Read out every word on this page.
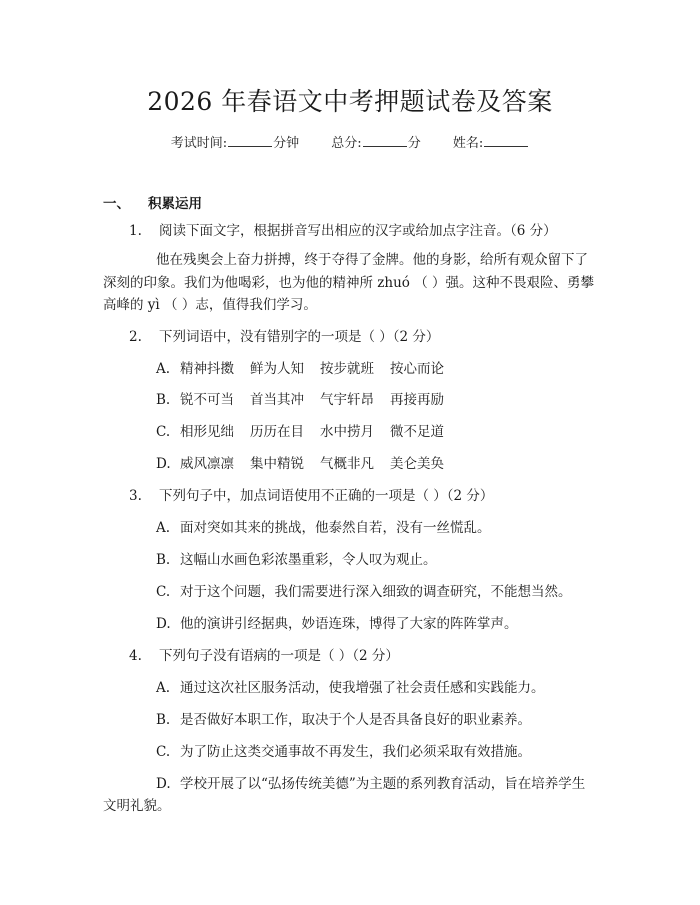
2026 年春语文中考押题试卷及答案
考试时间:	分钟 总分:	分 姓名:
一、 积累运用
1. 阅读下面文字，根据拼音写出相应的汉字或给加点字注音。（6 分）
他在残奥会上奋力拼搏，终于夺得了金牌。他的身影，给所有观众留下了深刻的印象。我们为他喝彩，也为他的精神所 zhuó （ ）强。这种不畏艰险、勇攀高峰的 yì （ ）志，值得我们学习。
2. 下列词语中，没有错别字的一项是（ ）（2 分）
A. 精神抖擞 鲜为人知 按步就班 按心而论
B. 锐不可当 首当其冲 气宇轩昂 再接再励
C. 相形见绌 历历在目 水中捞月 微不足道
D. 威风凛凛 集中精锐 气概非凡 美仑美奂
3. 下列句子中，加点词语使用不正确的一项是（ ）（2 分）
A. 面对突如其来的挑战，他泰然自若，没有一丝慌乱。
B. 这幅山水画色彩浓墨重彩，令人叹为观止。
C. 对于这个问题，我们需要进行深入细致的调查研究，不能想当然。
D. 他的演讲引经据典，妙语连珠，博得了大家的阵阵掌声。
4. 下列句子没有语病的一项是（ ）（2 分）
A. 通过这次社区服务活动，使我增强了社会责任感和实践能力。
B. 是否做好本职工作，取决于个人是否具备良好的职业素养。
C. 为了防止这类交通事故不再发生，我们必须采取有效措施。
D. 学校开展了以“弘扬传统美德”为主题的系列教育活动，旨在培养学生文明礼貌。
